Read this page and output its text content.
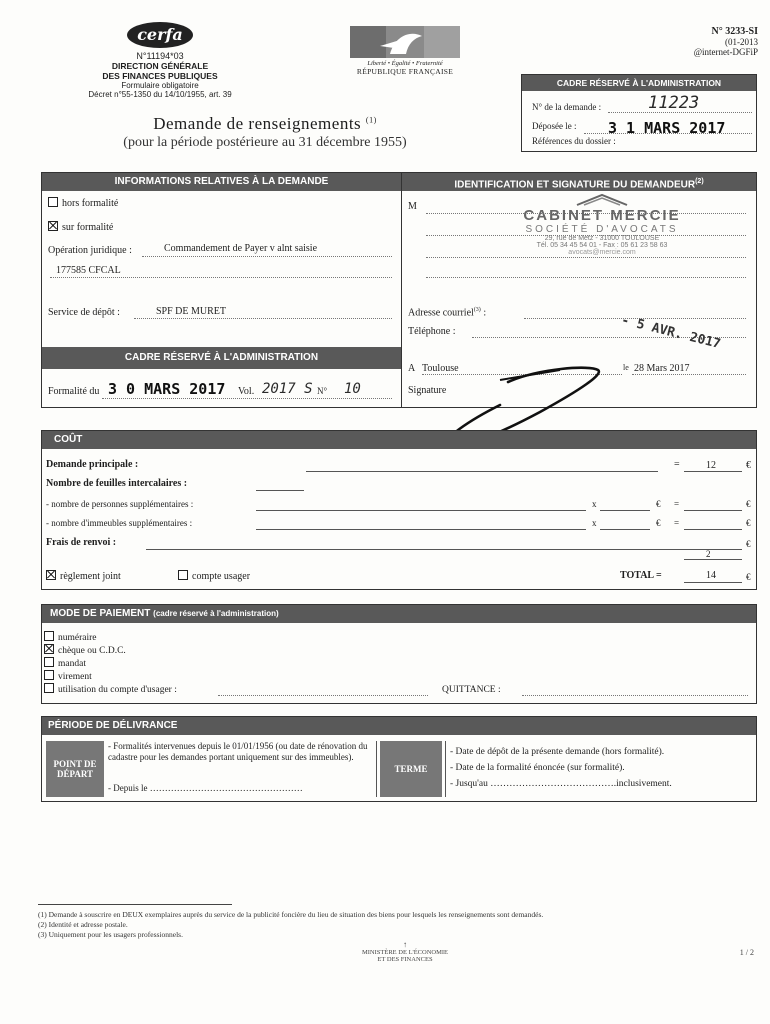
cerfa
N°11194*03
DIRECTION GÉNÉRALE
DES FINANCES PUBLIQUES
Formulaire obligatoire
Décret n°55-1350 du 14/10/1955, art. 39
Liberté • Égalité • Fraternité
RÉPUBLIQUE FRANÇAISE
N° 3233-SI
(01-2013
@internet-DGFiP
CADRE RÉSERVÉ À L'ADMINISTRATION
N° de la demande :	11223
Déposée le : 3 1 MARS 2017
Références du dossier :
Demande de renseignements $^{(1)}$
(pour la période postérieure au 31 décembre 1955)
INFORMATIONS RELATIVES À LA DEMANDE	IDENTIFICATION ET SIGNATURE DU DEMANDEUR$^{(2)}$
hors formalité
sur formalité
Opération juridique :	Commandement de Payer v alnt saisie
177585 CFCAL
Service de dépôt :	SPF DE MURET
CADRE RÉSERVÉ À L'ADMINISTRATION
Formalité du 3 0 MARS 2017 Vol. 2017 S N° 10
M
CABINET MERCIE
SOCIÉTÉ D'AVOCATS
29, rue de Metz - 31000 TOULOUSE
Tél. 05 34 45 54 01 - Fax : 05 61 23 58 63
avocats@mercie.com
Adresse courriel$^{(3)}$ :
Téléphone :	- 5 AVR. 2017
A Toulouse	le 28 Mars 2017
Signature
COÛT
Demande principale :	=	12	€
Nombre de feuilles intercalaires :
- nombre de personnes supplémentaires :	x	€ =	€
- nombre d'immeubles supplémentaires :	x	€ =	€
Frais de renvoi :	€
2
règlement joint	compte usager	TOTAL =	14	€
MODE DE PAIEMENT (cadre réservé à l'administration)
numéraire
chèque ou C.D.C.
mandat
virement
utilisation du compte d'usager :	QUITTANCE :
PÉRIODE DE DÉLIVRANCE
POINT DE DÉPART
- Formalités intervenues depuis le 01/01/1956 (ou date de rénovation du cadastre pour les demandes portant uniquement sur des immeubles).
- Depuis le ……………………………………………
TERME
- Date de dépôt de la présente demande (hors formalité).
- Date de la formalité énoncée (sur formalité).
- Jusqu'au ………………………………….inclusivement.
(1) Demande à souscrire en DEUX exemplaires auprès du service de la publicité foncière du lieu de situation des biens pour lesquels les renseignements sont demandés.
(2) Identité et adresse postale.
(3) Uniquement pour les usagers professionnels.
↑
MINISTÈRE DE L'ÉCONOMIE
ET DES FINANCES
1 / 2
